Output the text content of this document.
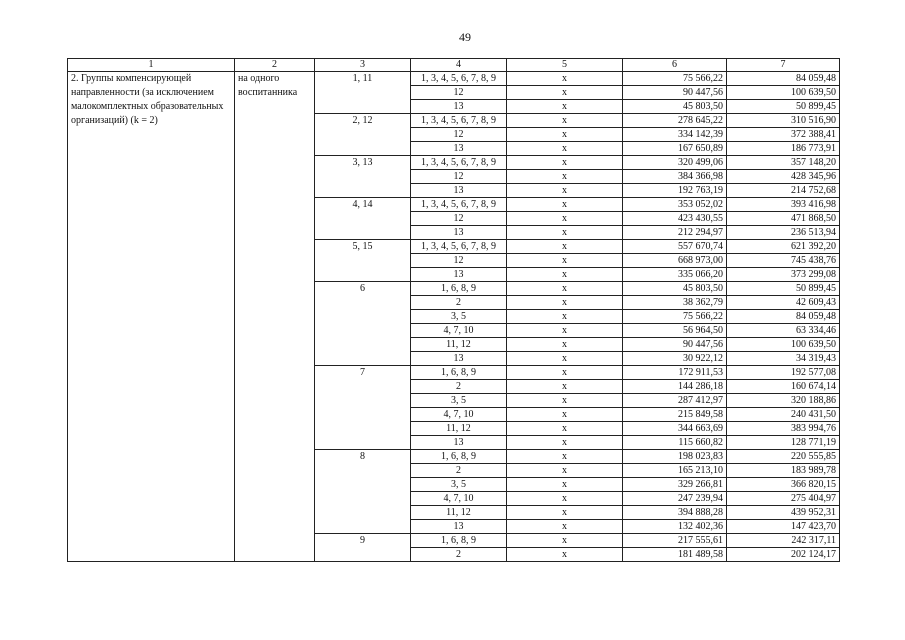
49
1	2	3	4	5	6	7
2. Группы компенсирующей направленности (за исключением малокомплектных образовательных организаций) (k = 2)	на одного воспитанника	1, 11	1, 3, 4, 5, 6, 7, 8, 9	x	75 566,22	84 059,48
			12	x	90 447,56	100 639,50
			13	x	45 803,50	50 899,45
		2, 12	1, 3, 4, 5, 6, 7, 8, 9	x	278 645,22	310 516,90
			12	x	334 142,39	372 388,41
			13	x	167 650,89	186 773,91
		3, 13	1, 3, 4, 5, 6, 7, 8, 9	x	320 499,06	357 148,20
			12	x	384 366,98	428 345,96
			13	x	192 763,19	214 752,68
		4, 14	1, 3, 4, 5, 6, 7, 8, 9	x	353 052,02	393 416,98
			12	x	423 430,55	471 868,50
			13	x	212 294,97	236 513,94
		5, 15	1, 3, 4, 5, 6, 7, 8, 9	x	557 670,74	621 392,20
			12	x	668 973,00	745 438,76
			13	x	335 066,20	373 299,08
		6	1, 6, 8, 9	x	45 803,50	50 899,45
			2	x	38 362,79	42 609,43
			3, 5	x	75 566,22	84 059,48
			4, 7, 10	x	56 964,50	63 334,46
			11, 12	x	90 447,56	100 639,50
			13	x	30 922,12	34 319,43
		7	1, 6, 8, 9	x	172 911,53	192 577,08
			2	x	144 286,18	160 674,14
			3, 5	x	287 412,97	320 188,86
			4, 7, 10	x	215 849,58	240 431,50
			11, 12	x	344 663,69	383 994,76
			13	x	115 660,82	128 771,19
		8	1, 6, 8, 9	x	198 023,83	220 555,85
			2	x	165 213,10	183 989,78
			3, 5	x	329 266,81	366 820,15
			4, 7, 10	x	247 239,94	275 404,97
			11, 12	x	394 888,28	439 952,31
			13	x	132 402,36	147 423,70
		9	1, 6, 8, 9	x	217 555,61	242 317,11
			2	x	181 489,58	202 124,17
